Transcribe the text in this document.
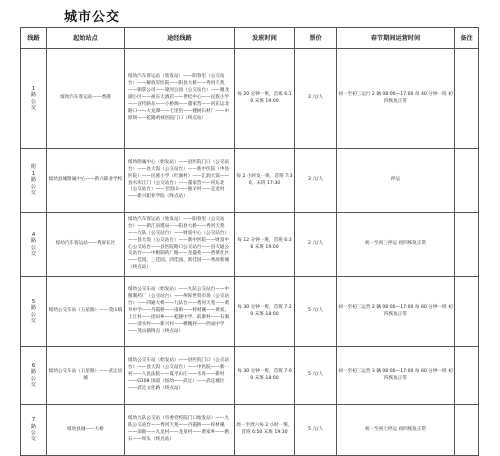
城市公交
线路	起始站点	途经线路	发班时间	票价	春节期间运营时间	备注

1
路
公
交	绥幼汽车客运站——香港	绥幼汽车客运站（始发站）——阳春里（公交站台）——解放军医院——阳县大桥——秀河天苑——朝掌公司——梁河公园（公交站台）——聚龙湖小区——祯东大酒店——世纪中心——民族小学——宣传路东——小桥源——董家营——河东运北路口——大龙潭——七里窑——楼树石材厂——中原坝——乾隆鸡禄医院门口（终点站）	每 20 分钟一班，首班 6:10 末班 19:00	2 元/人	初一至初三运行 2 辆 08:00—17:00 每 40 分钟一班 初四恢复正常	

附
1
路
公
交	绥幼县城附属中心——新兴职业学校	绥幼附属中心（始发站）——县医院门口（公交站台）——县大饭（公交站台）——新中医院（中县医院）——民族小学（红旗村）——汇润大饭——县水库江门（公交站台）——董家营——河东北（公交站台）——甘团山——独羊村——走龙村——新兴职业学院（终点站）	每 2 小时发一班，首班 7:30，末班 17:30	3 元/人	停运	

4
路
公
交	绥幼汽车客运站——秀屏长区	绥幼汽车客运站（始发站）——阳春里（公交站台）——新江泉塔泉——阳县大桥——秀河天苑——九队（公交站台）——财富中心（公交站台）——县大饭（公交站台）——新中医院——财富中心公交站台——县医院路口公交站台——县天通公交站台——中粮制药厂路——龙盛苑——香菜社区——佳园、三佳园、四佳园、新佳园——秀屏新城（终点站）	每 12 分钟一班，首班 6:36 末班 19:00	2 元/人	初一至初三停运 初四恢复正常	

5
路
公
交	绥幼公交车站（五星路）——茂山镇	绥幼公交车站（始发站）——九队公交站台——中粮制药厂（公交站台）——州际世贸市场（公交站台）——四通大桥——九队台——秀河天苑——黄井中学——丹霞桥——南街——梓材溪——黄家、上丘村——团田乡——乾隆中学、前寨村——石涧——清水村——新兴村——桃槐村——西成中学——茂山镇终点（终点站）	每 30 分钟一班，首班 7:20 末班 18:00	5 元/人	初一至初三运营 2 辆 08:00—17:00 每 60 分钟一班 初四恢复正常	

6
路
公
交	绥幼公交车站（五星路）——武定县城	绥幼公交车站（始发站）——县医院门口（公交站台）——县大饭（公交站台）——中医院——新一村——人民法院——夏平山庄——水库——新村——G108 国道（绥幼——武定）——武定城区——武定文化路（终点站）	每 30 分钟一班，首班 7:00 末班 18:00	5 元/人	初一至初三运营 3 辆 08:00—17:00 每 60 分钟一班 初四恢复正常	

7
路
公
交	绥幼县城——大桥	绥幼九队公交站（市委党校院门口始发站）——九队公交站台——秀河天苑——丹霞桥——梓材溪——南街——九龙村——龙泉村——黄家乡——跑石——坝头（终点站）	周一至周六每 2 小时一班，首班 6:50 末班 19:30	5 元/人	初一至初七停运 初四恢复正常	
